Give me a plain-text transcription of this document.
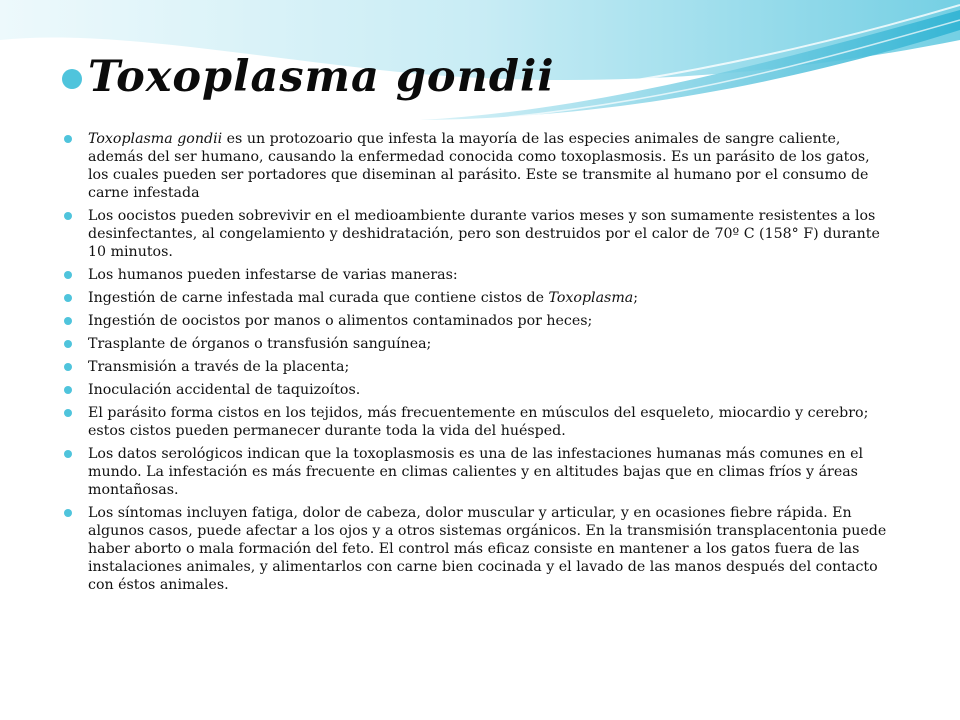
Toxoplasma gondii
Toxoplasma gondii es un protozoario que infesta la mayoría de las especies animales de sangre caliente, además del ser humano, causando la enfermedad conocida como toxoplasmosis. Es un parásito de los gatos, los cuales pueden ser portadores que diseminan al parásito. Este se transmite al humano por el consumo de carne infestada
Los oocistos pueden sobrevivir en el medioambiente durante varios meses y son sumamente resistentes a los desinfectantes, al congelamiento y deshidratación, pero son destruidos por el calor de 70º C (158° F) durante 10 minutos.
Los humanos pueden infestarse de varias maneras:
Ingestión de carne infestada mal curada que contiene cistos de Toxoplasma;
Ingestión de oocistos por manos o alimentos contaminados por heces;
Trasplante de órganos o transfusión sanguínea;
Transmisión a través de la placenta;
Inoculación accidental de taquizoítos.
El parásito forma cistos en los tejidos, más frecuentemente en músculos del esqueleto, miocardio y cerebro; estos cistos pueden permanecer durante toda la vida del huésped.
Los datos serológicos indican que la toxoplasmosis es una de las infestaciones humanas más comunes en el mundo. La infestación es más frecuente en climas calientes y en altitudes bajas que en climas fríos y áreas montañosas.
Los síntomas incluyen fatiga, dolor de cabeza, dolor muscular y articular, y en ocasiones fiebre rápida. En algunos casos, puede afectar a los ojos y a otros sistemas orgánicos. En la transmisión transplacentonia puede haber aborto o mala formación del feto. El control más eficaz consiste en mantener a los gatos fuera de las instalaciones animales, y alimentarlos con carne bien cocinada y el lavado de las manos después del contacto con éstos animales.
